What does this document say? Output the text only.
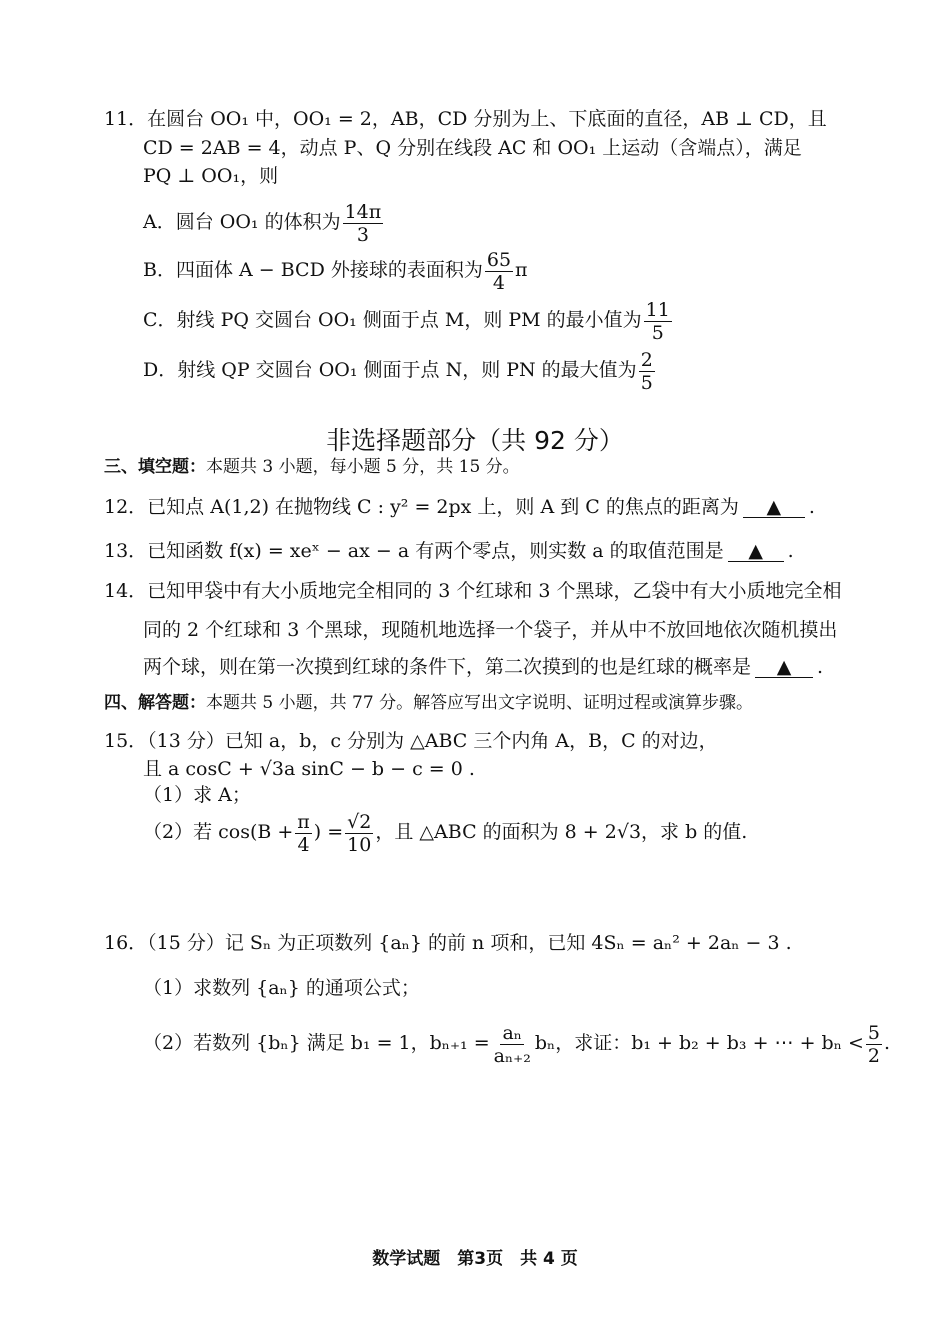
11．在圆台 OO₁ 中，OO₁ = 2，AB，CD 分别为上、下底面的直径，AB ⊥ CD，且
CD = 2AB = 4，动点 P、Q 分别在线段 AC 和 OO₁ 上运动（含端点），满足
PQ ⊥ OO₁，则
A．圆台 OO₁ 的体积为 $\frac{14\pi}{3}$
B．四面体 A − BCD 外接球的表面积为 $\frac{65}{4}$ π
C．射线 PQ 交圆台 OO₁ 侧面于点 M，则 PM 的最小值为 $\frac{11}{5}$
D．射线 QP 交圆台 OO₁ 侧面于点 N，则 PN 的最大值为 $\frac{2}{5}$
非选择题部分（共 92 分）
三、填空题：本题共 3 小题，每小题 5 分，共 15 分。
12．已知点 A(1,2) 在抛物线 C : y² = 2px 上，则 A 到 C 的焦点的距离为 ▲ .
13．已知函数 f(x) = xeˣ − ax − a 有两个零点，则实数 a 的取值范围是 ▲ .
14．已知甲袋中有大小质地完全相同的 3 个红球和 3 个黑球，乙袋中有大小质地完全相
同的 2 个红球和 3 个黑球，现随机地选择一个袋子，并从中不放回地依次随机摸出
两个球，则在第一次摸到红球的条件下，第二次摸到的也是红球的概率是 ▲ .
四、解答题：本题共 5 小题，共 77 分。解答应写出文字说明、证明过程或演算步骤。
15．（13 分）已知 a，b，c 分别为 △ABC 三个内角 A，B，C 的对边，
且 a cosC + √3a sinC − b − c = 0 .
（1）求 A；
（2）若 $\cos(B + \frac{\pi}{4}$ ) = $\frac{√2}{10}$ ，且 △ABC 的面积为 8 + 2√3，求 b 的值.
16．（15 分）记 Sₙ 为正项数列 {aₙ} 的前 n 项和，已知 4Sₙ = aₙ² + 2aₙ − 3 .
（1）求数列 {aₙ} 的通项公式；
（2）若数列 {bₙ} 满足 b₁ = 1，$b_{n+1} = \frac{\text{aₙ}}{\text{aₙ₊₂}}$ bₙ，求证：b₁ + b₂ + b₃ + ⋯ + $b_n < \frac{5}{2}$ .
数学试题　第3页　共 4 页
